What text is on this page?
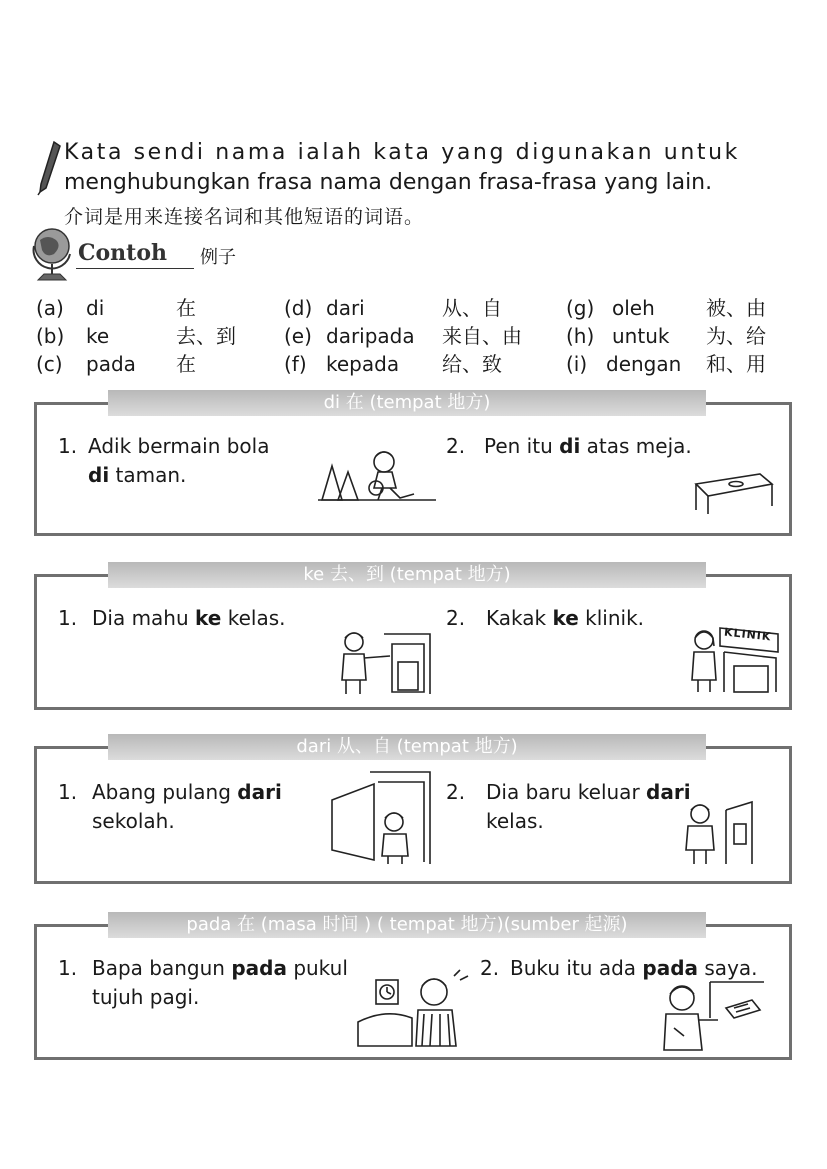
Kata sendi nama ialah kata yang digunakan untuk
menghubungkan frasa nama dengan frasa-frasa yang lain.
介词是用来连接名词和其他短语的词语。
Contoh 例子
(a) di	在
(b) ke	去、到
(c) pada 在
(d) dari	从、自
(e) daripada 来自、由
(f) kepada 给、致
(g) oleh	被、由
(h) untuk 为、给
(i) dengan 和、用
di 在 (tempat 地方)
1. Adik bermain bola
di taman.
2. Pen itu di atas meja.
ke 去、到 (tempat 地方)
1. Dia mahu ke kelas.	2. Kakak ke klinik.
KLINIK
dari 从、自 (tempat 地方)
1. Abang pulang dari
sekolah.
2. Dia baru keluar dari
kelas.
pada 在 (masa 时间 ) ( tempat 地方)(sumber 起源)
1. Bapa bangun pada pukul tujuh pagi.
2. Buku itu ada pada saya.
